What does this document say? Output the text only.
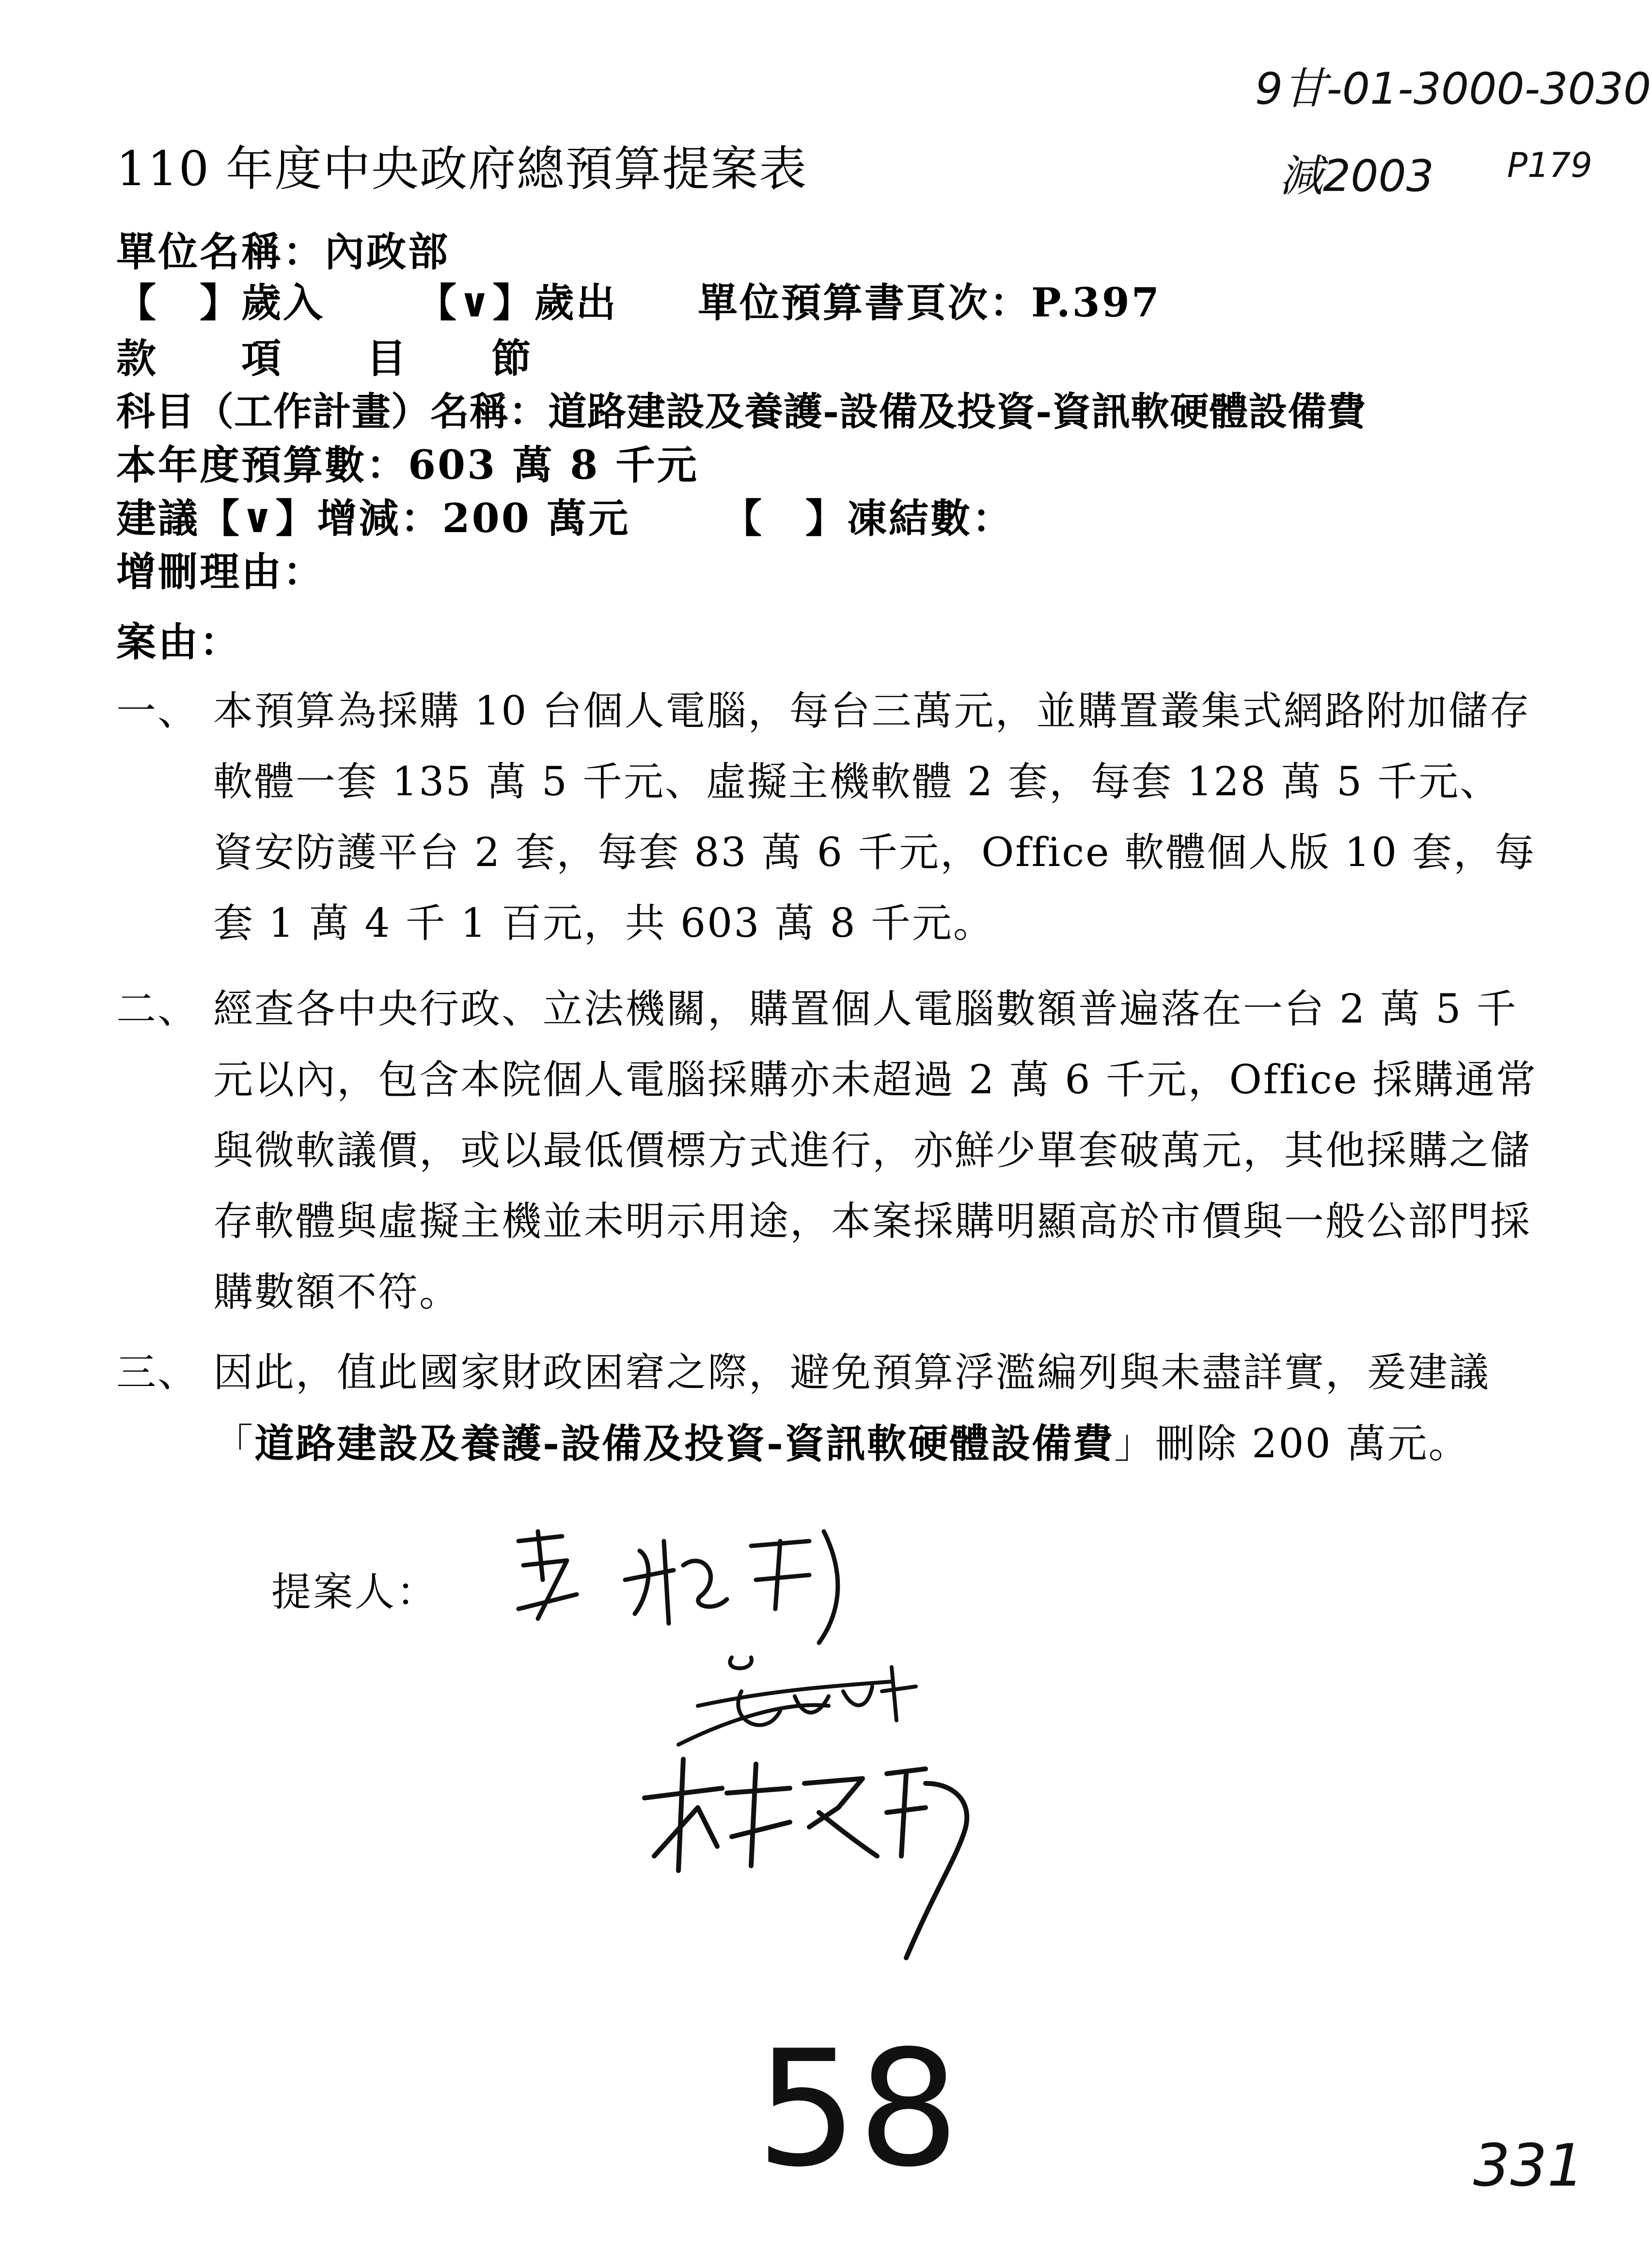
9甘-01-3000-3030
減2003 P179
110 年度中央政府總預算提案表
單位名稱：內政部
【　】歲入 【∨】歲出 單位預算書頁次：P.397
款　　項　　目　　節
科目（工作計畫）名稱：道路建設及養護-設備及投資-資訊軟硬體設備費
本年度預算數：603 萬 8 千元
建議【∨】增減：200 萬元 【　】凍結數：
增刪理由：
案由：
一、 本預算為採購 10 台個人電腦，每台三萬元，並購置叢集式網路附加儲存軟體一套 135 萬 5 千元、虛擬主機軟體 2 套，每套 128 萬 5 千元、資安防護平台 2 套，每套 83 萬 6 千元，Office 軟體個人版 10 套，每套 1 萬 4 千 1 百元，共 603 萬 8 千元。
二、 經查各中央行政、立法機關，購置個人電腦數額普遍落在一台 2 萬 5 千元以內，包含本院個人電腦採購亦未超過 2 萬 6 千元，Office 採購通常與微軟議價，或以最低價標方式進行，亦鮮少單套破萬元，其他採購之儲存軟體與虛擬主機並未明示用途，本案採購明顯高於市價與一般公部門採購數額不符。
三、 因此，值此國家財政困窘之際，避免預算浮濫編列與未盡詳實，爰建議「道路建設及養護-設備及投資-資訊軟硬體設備費」刪除 200 萬元。
提案人：
58	331
